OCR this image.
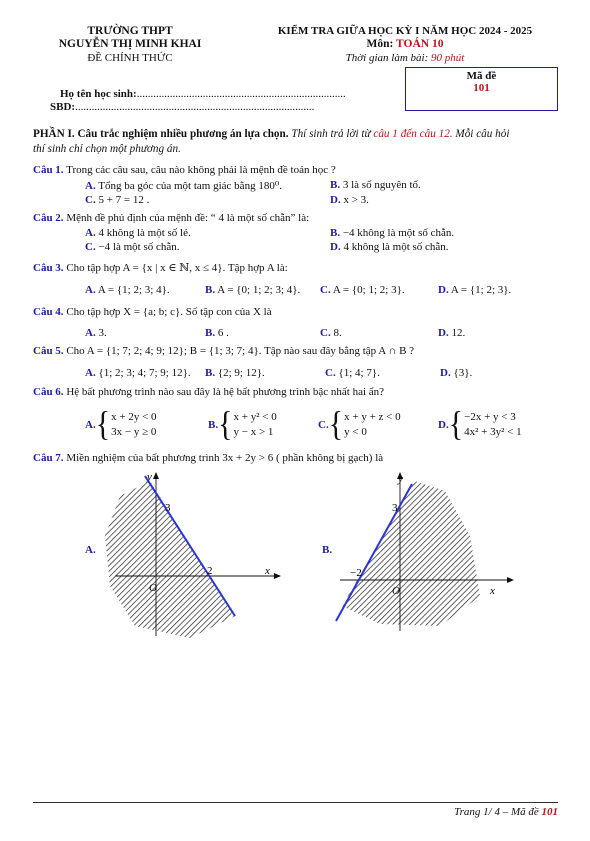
TRƯỜNG THPT
NGUYỄN THỊ MINH KHAI
ĐỀ CHÍNH THỨC
KIỂM TRA GIỮA HỌC KỲ I NĂM HỌC 2024 - 2025
Môn: TOÁN 10
Thời gian làm bài: 90 phút
Mã đề
101
Họ tên học sinh:............................................................................
SBD:.......................................................................................
PHẦN I. Câu trắc nghiệm nhiều phương án lựa chọn. Thí sinh trả lời từ câu 1 đến câu 12. Mỗi câu hỏi
thí sinh chỉ chọn một phương án.
Câu 1. Trong các câu sau, câu nào không phải là mệnh đề toán học ?
A. Tổng ba góc của một tam giác bằng 180⁰.	B. 3 là số nguyên tố.
C. 5 + 7 = 12 .	D. x > 3.
Câu 2. Mệnh đề phủ định của mệnh đề: “ 4 là một số chẵn” là:
A. 4 không là một số lẻ.	B. −4 không là một số chẵn.
C. −4 là một số chẵn.	D. 4 không là một số chẵn.
Câu 3. Cho tập hợp A = {x | x ∈ ℕ, x ≤ 4}. Tập hợp A là:
A. A = {1; 2; 3; 4}.	B. A = {0; 1; 2; 3; 4}. C. A = {0; 1; 2; 3}.	D. A = {1; 2; 3}.
Câu 4. Cho tập hợp X = {a; b; c}. Số tập con của X là
A. 3.	B. 6 .	C. 8.	D. 12.
Câu 5. Cho A = {1; 7; 2; 4; 9; 12}; B = {1; 3; 7; 4}. Tập nào sau đây bằng tập A ∩ B ?
A. {1; 2; 3; 4; 7; 9; 12}. B. {2; 9; 12}.	C. {1; 4; 7}.	D. {3}.
Câu 6. Hệ bất phương trình nào sau đây là hệ bất phương trình bậc nhất hai ẩn?
A. { x + 2y < 0
3x − y ≥ 0
B. { x + y² < 0
y − x > 1
C. { x + y + z < 0
y < 0
D. { −2x + y < 3
4x² + 3y² < 1
Câu 7. Miền nghiệm của bất phương trình 3x + 2y > 6 ( phần không bị gạch) là
A.	B.
y
x
O
3
2
y
x
O
3
−2
Trang 1/ 4 – Mã đề 101
